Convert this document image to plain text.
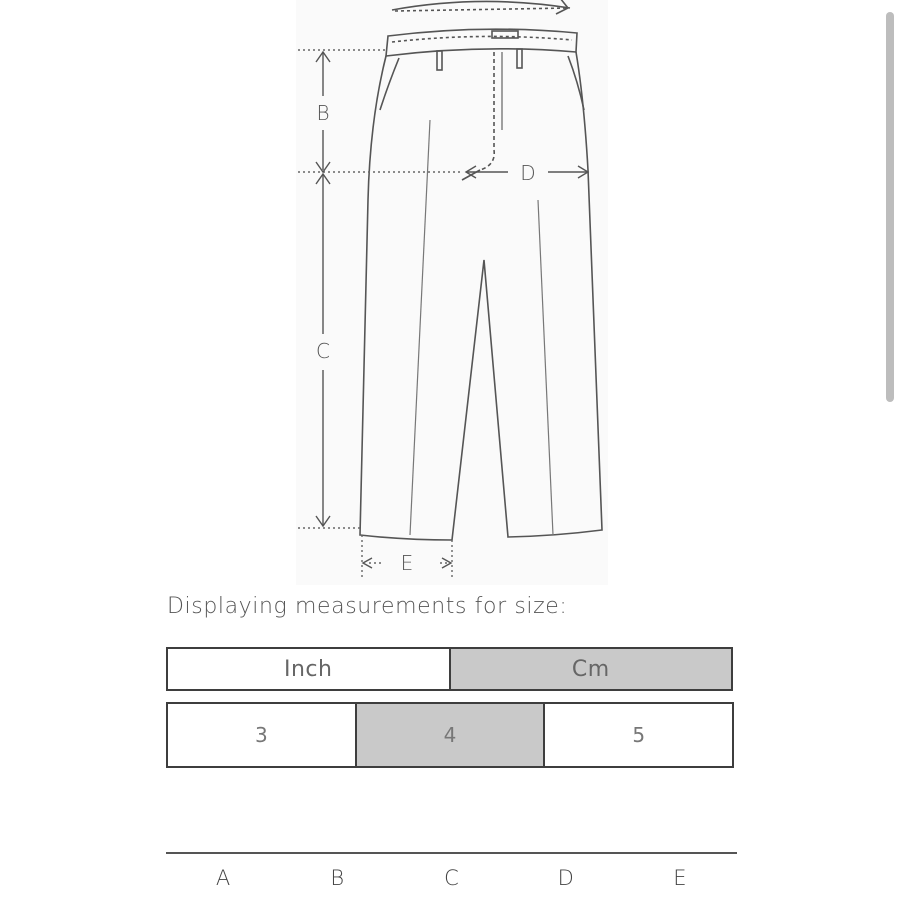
B
C
D
E
Displaying measurements for size:
Inch	Cm
3	4	5
A	B	C	D	E
